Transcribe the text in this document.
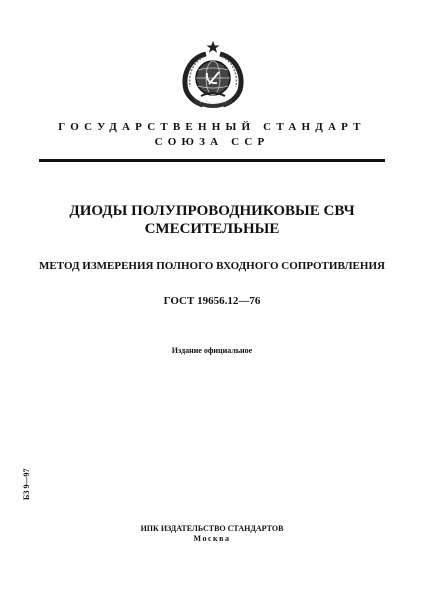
ГОСУДАРСТВЕННЫЙ СТАНДАРТ
СОЮЗА ССР
ДИОДЫ ПОЛУПРОВОДНИКОВЫЕ СВЧ
СМЕСИТЕЛЬНЫЕ
МЕТОД ИЗМЕРЕНИЯ ПОЛНОГО ВХОДНОГО СОПРОТИВЛЕНИЯ
ГОСТ 19656.12—76
Издание официальное
БЗ 9—97
ИПК ИЗДАТЕЛЬСТВО СТАНДАРТОВ
Москва
